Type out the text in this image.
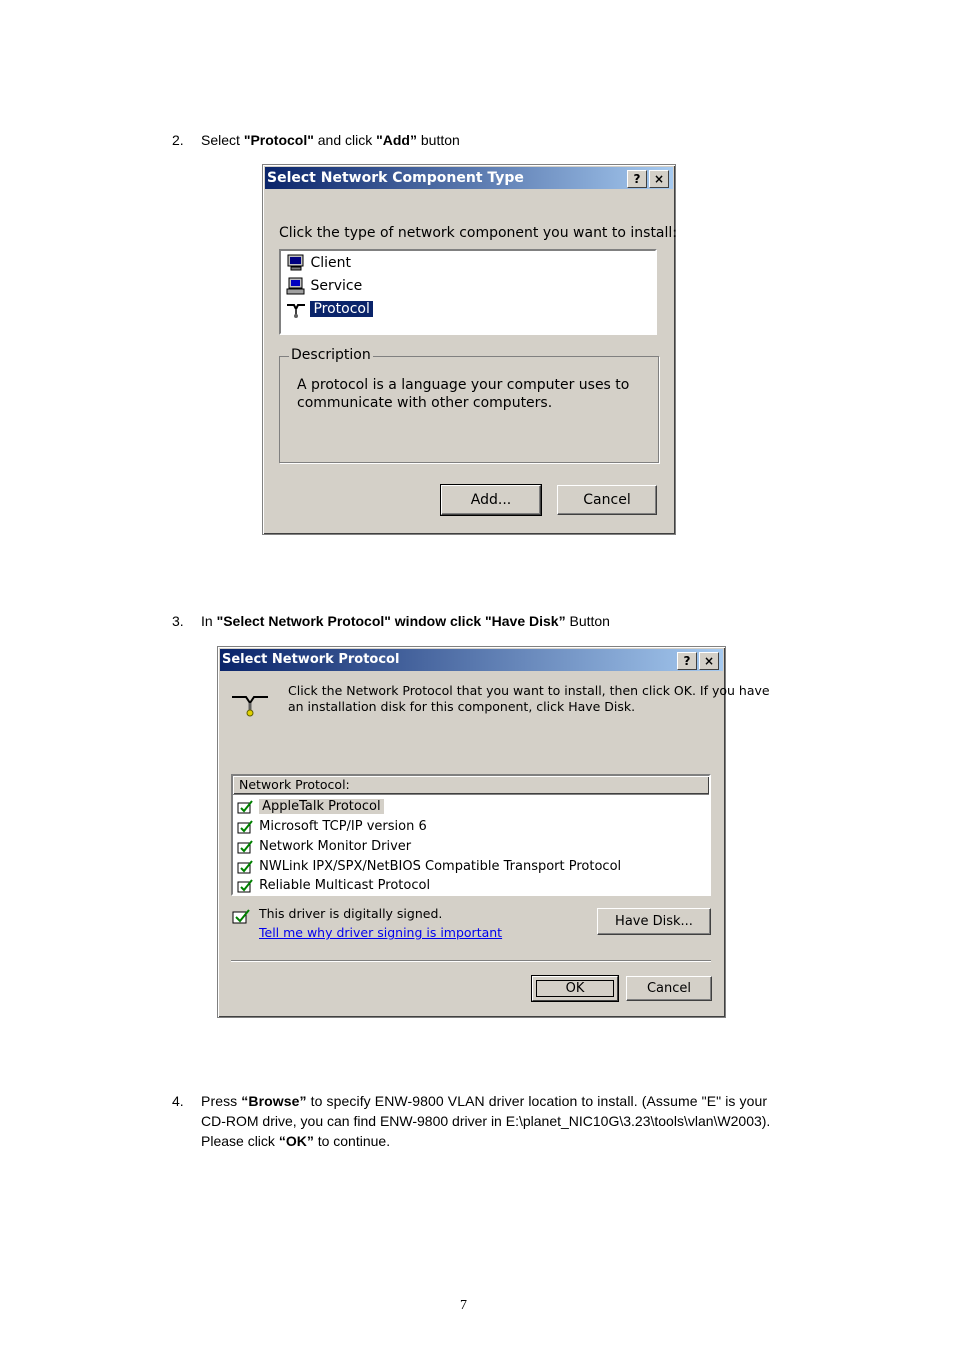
2. Select "Protocol" and click "Add” button
Select Network Component Type	?	×
Click the type of network component you want to install:
Client
Service
Protocol
Description
A protocol is a language your computer uses to
communicate with other computers.
Add...	Cancel
3. In "Select Network Protocol" window click "Have Disk” Button
Select Network Protocol	?	×
Click the Network Protocol that you want to install, then click OK. If you have
an installation disk for this component, click Have Disk.
Network Protocol:
AppleTalk Protocol
Microsoft TCP/IP version 6
Network Monitor Driver
NWLink IPX/SPX/NetBIOS Compatible Transport Protocol
Reliable Multicast Protocol
This driver is digitally signed.
Tell me why driver signing is important
Have Disk...
OK	Cancel
4. Press “Browse” to specify ENW-9800 VLAN driver location to install. (Assume "E" is your
CD-ROM drive, you can find ENW-9800 driver in E:\planet_NIC10G\3.23\tools\vlan\W2003).
Please click “OK” to continue.
7
